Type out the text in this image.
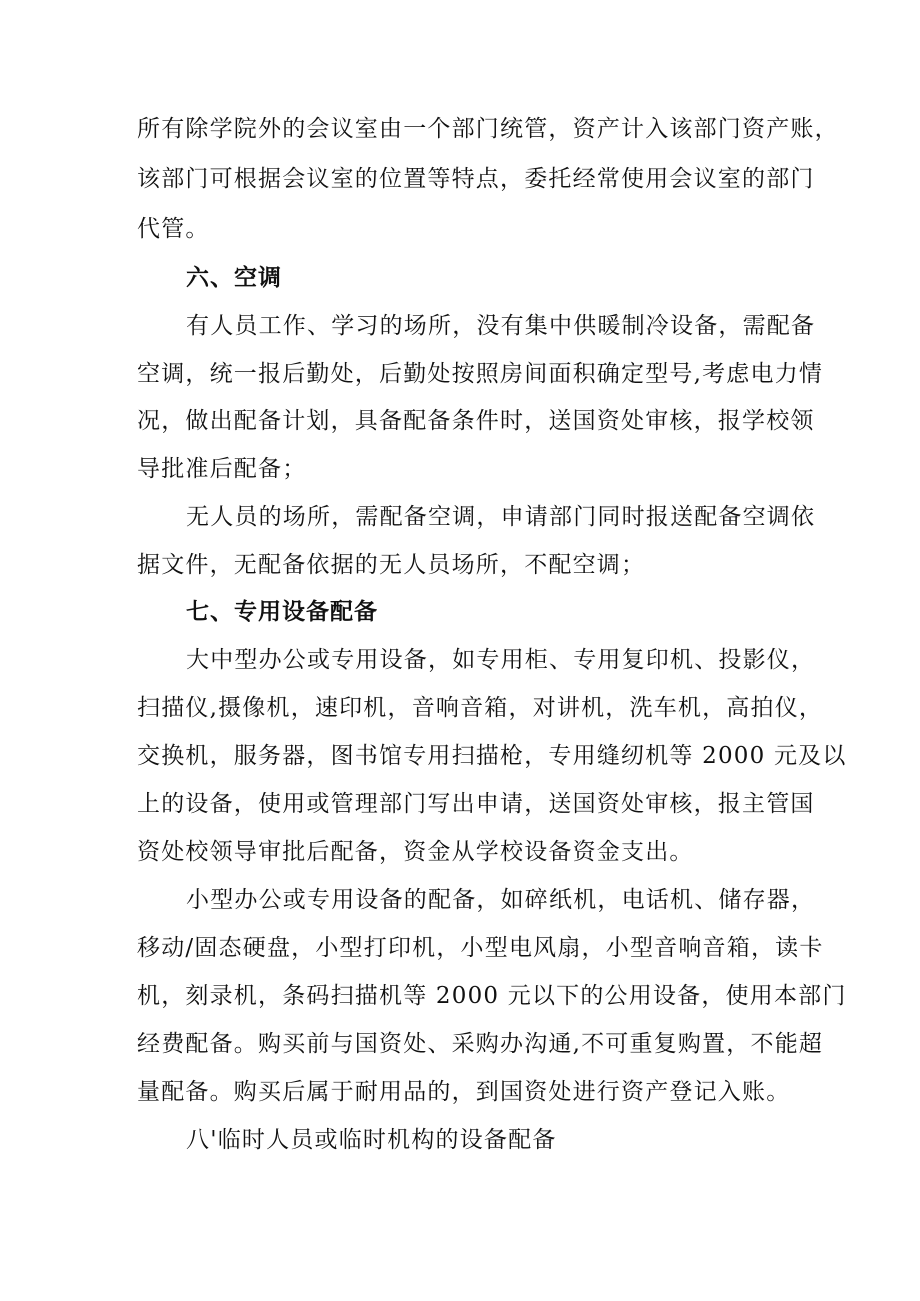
所有除学院外的会议室由一个部门统管，资产计入该部门资产账，
该部门可根据会议室的位置等特点，委托经常使用会议室的部门
代管。
六、空调
有人员工作、学习的场所，没有集中供暖制冷设备，需配备
空调，统一报后勤处，后勤处按照房间面积确定型号,考虑电力情
况，做出配备计划，具备配备条件时，送国资处审核，报学校领
导批准后配备；
无人员的场所，需配备空调，申请部门同时报送配备空调依
据文件，无配备依据的无人员场所，不配空调；
七、专用设备配备
大中型办公或专用设备，如专用柜、专用复印机、投影仪，
扫描仪,摄像机，速印机，音响音箱，对讲机，洗车机，高拍仪，
交换机，服务器，图书馆专用扫描枪，专用缝纫机等 2000 元及以
上的设备，使用或管理部门写出申请，送国资处审核，报主管国
资处校领导审批后配备，资金从学校设备资金支出。
小型办公或专用设备的配备，如碎纸机，电话机、储存器，
移动/固态硬盘，小型打印机，小型电风扇，小型音响音箱，读卡
机，刻录机，条码扫描机等 2000 元以下的公用设备，使用本部门
经费配备。购买前与国资处、采购办沟通,不可重复购置，不能超
量配备。购买后属于耐用品的，到国资处进行资产登记入账。
八'临时人员或临时机构的设备配备
